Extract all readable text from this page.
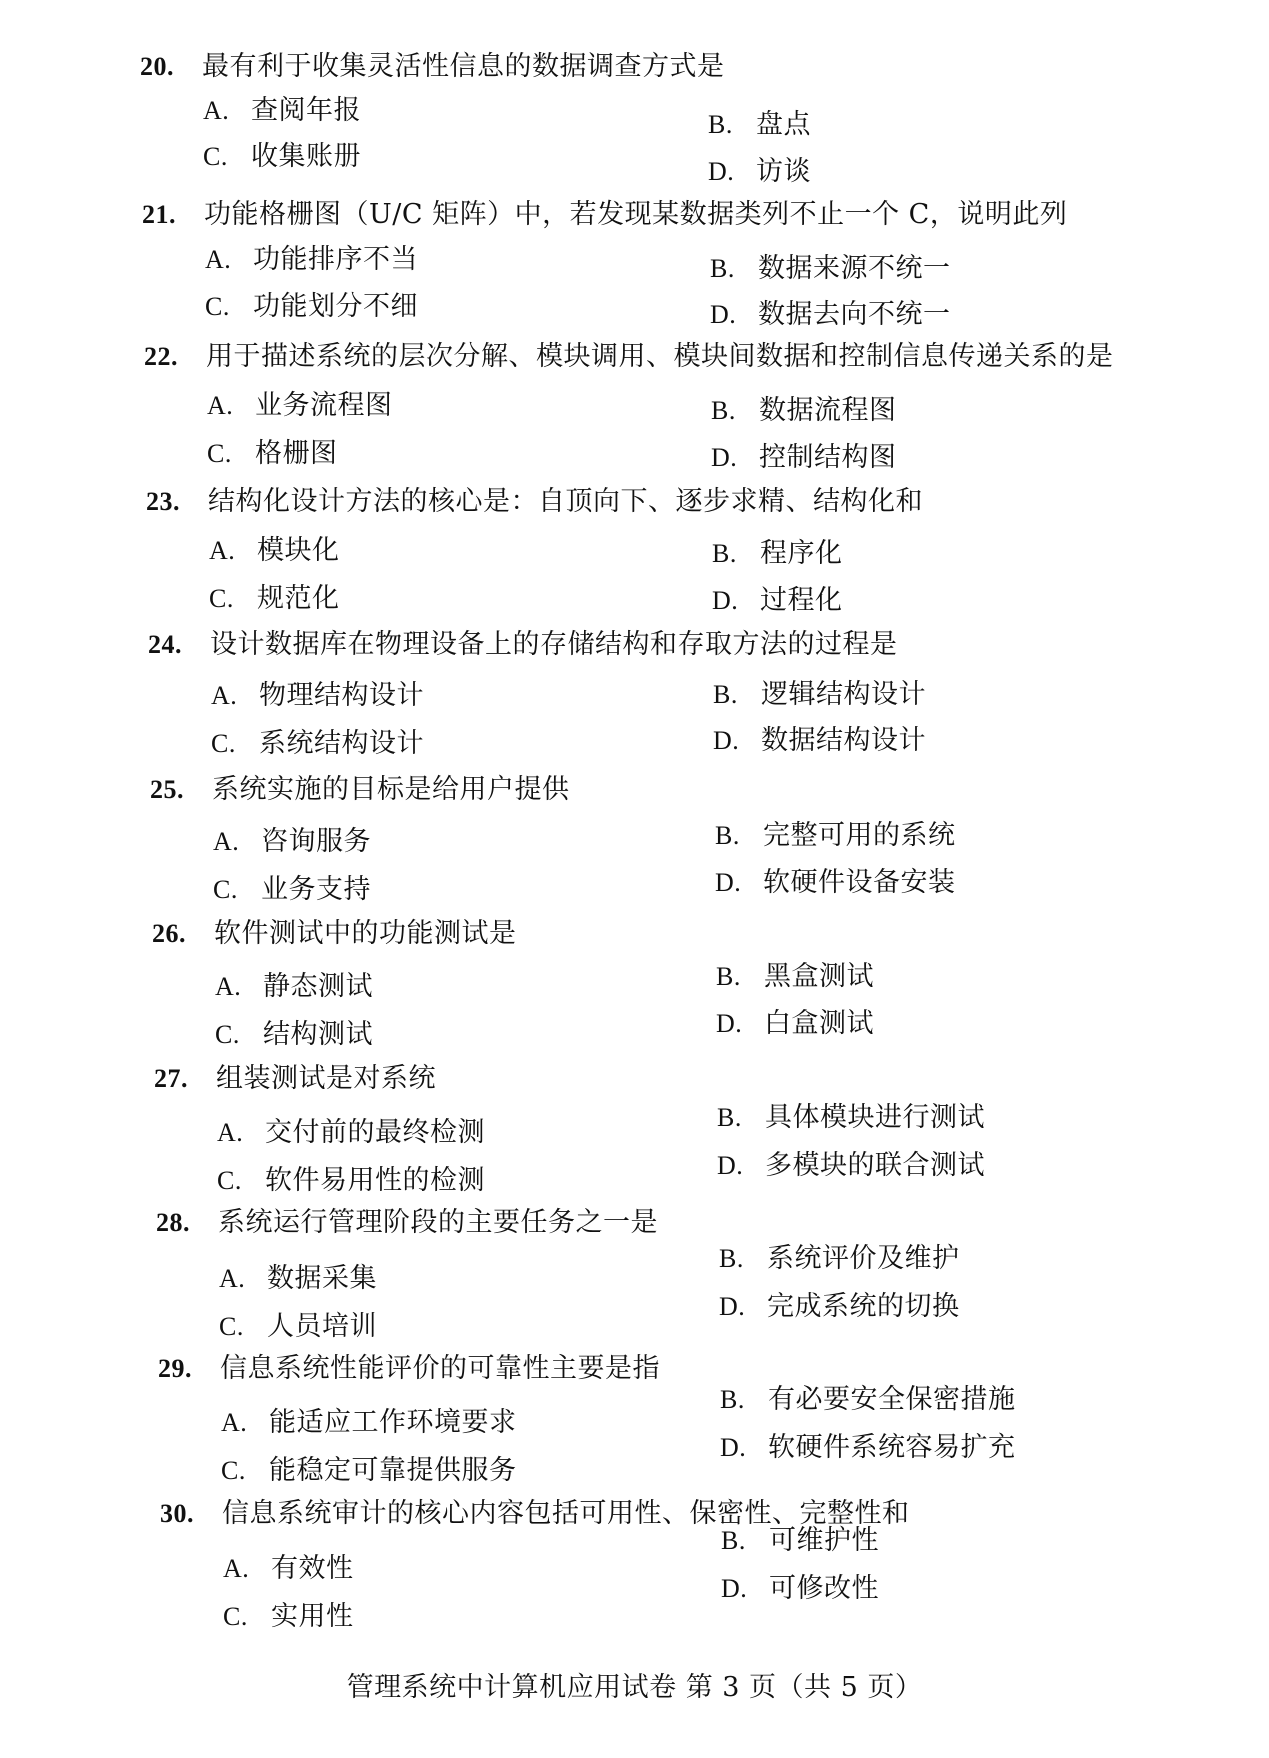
20. 最有利于收集灵活性信息的数据调查方式是
A. 查阅年报	B. 盘点
C. 收集账册	D. 访谈
21. 功能格栅图（U/C 矩阵）中，若发现某数据类列不止一个 C，说明此列
A. 功能排序不当	B. 数据来源不统一
C. 功能划分不细	D. 数据去向不统一
22. 用于描述系统的层次分解、模块调用、模块间数据和控制信息传递关系的是
A. 业务流程图	B. 数据流程图
C. 格栅图	D. 控制结构图
23. 结构化设计方法的核心是：自顶向下、逐步求精、结构化和
A. 模块化	B. 程序化
C. 规范化	D. 过程化
24. 设计数据库在物理设备上的存储结构和存取方法的过程是
A. 物理结构设计	B. 逻辑结构设计
C. 系统结构设计	D. 数据结构设计
25. 系统实施的目标是给用户提供
A. 咨询服务	B. 完整可用的系统
C. 业务支持	D. 软硬件设备安装
26. 软件测试中的功能测试是
A. 静态测试	B. 黑盒测试
C. 结构测试	D. 白盒测试
27. 组装测试是对系统
A. 交付前的最终检测	B. 具体模块进行测试
C. 软件易用性的检测	D. 多模块的联合测试
28. 系统运行管理阶段的主要任务之一是
A. 数据采集
B. 系统评价及维护
C. 人员培训
D. 完成系统的切换
29. 信息系统性能评价的可靠性主要是指
A. 能适应工作环境要求
B. 有必要安全保密措施
C. 能稳定可靠提供服务
D. 软硬件系统容易扩充
30. 信息系统审计的核心内容包括可用性、保密性、完整性和
A. 有效性
B. 可维护性
C. 实用性
D. 可修改性
管理系统中计算机应用试卷 第 3 页（共 5 页）
